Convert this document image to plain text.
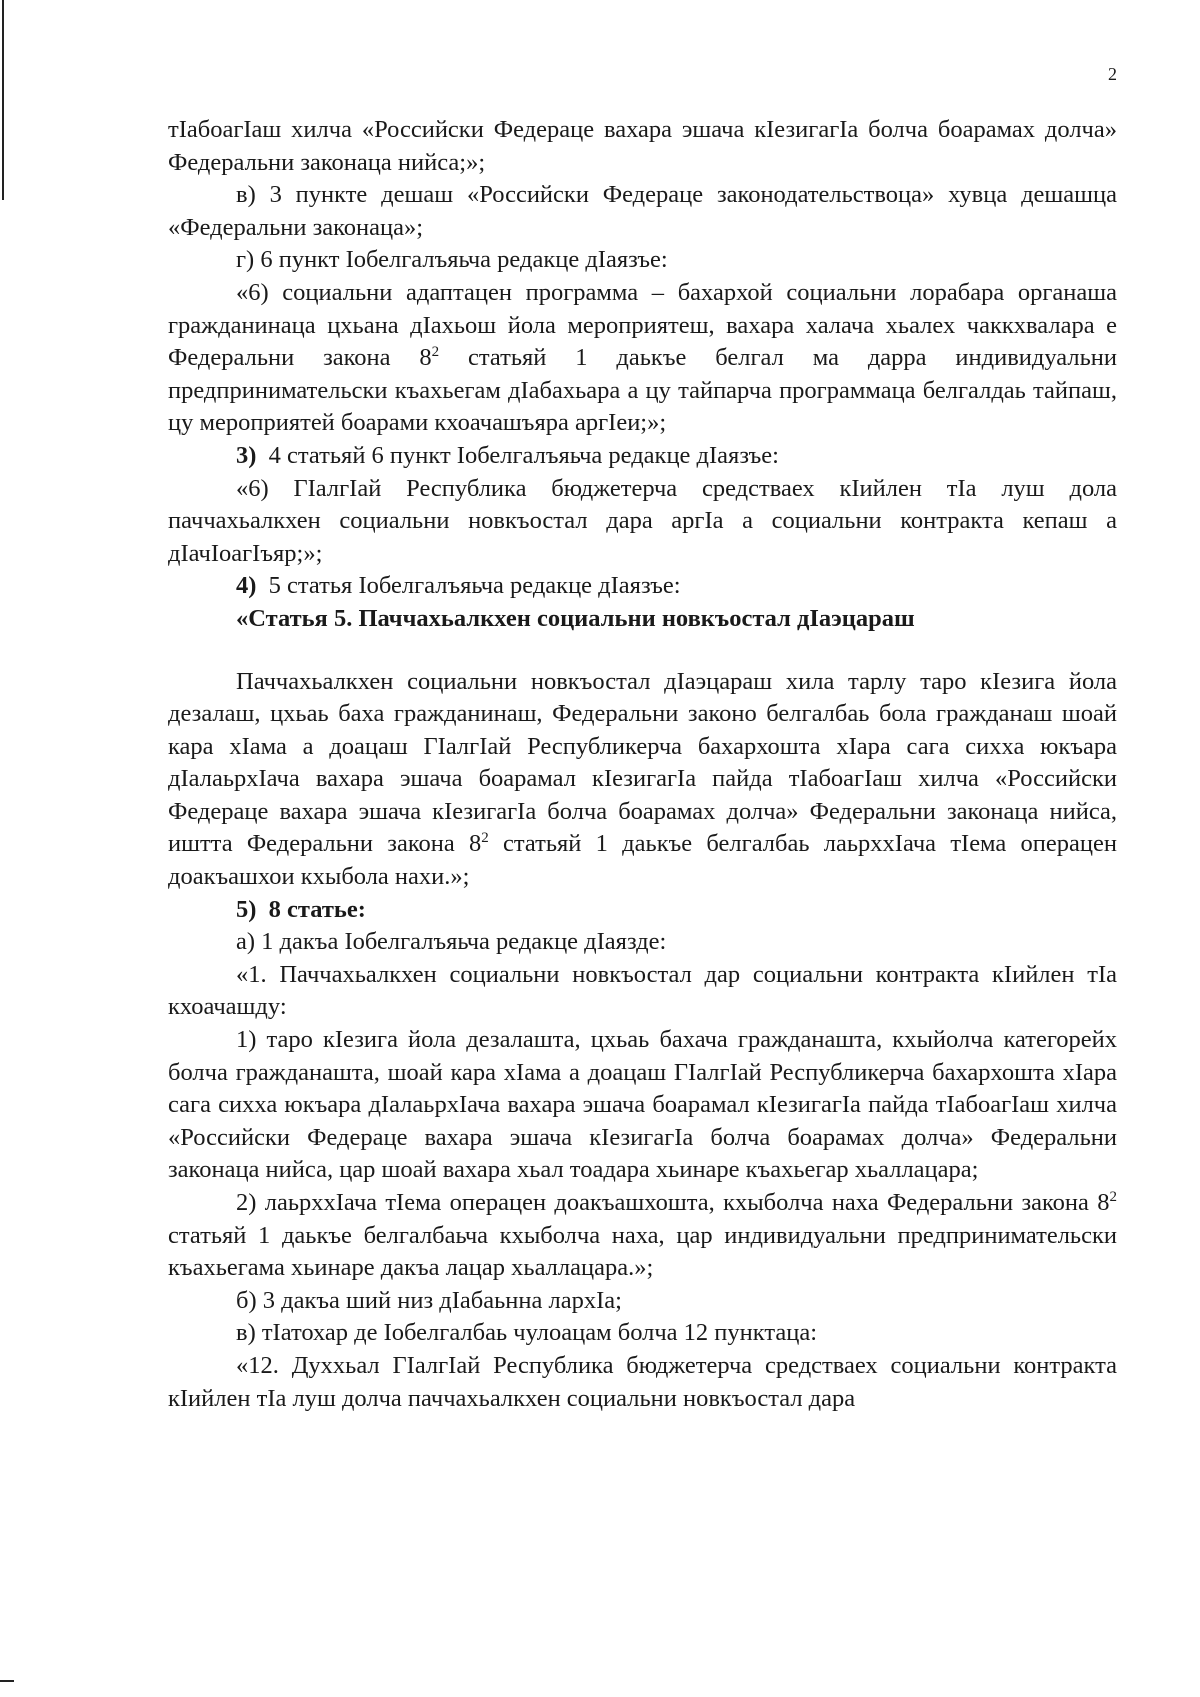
2

тIабоагIаш хилча «Российски Федераце вахара эшача кIезигагIа болча боарамах долча» Федеральни законаца нийса;»;

в) 3 пункте дешаш «Российски Федераце законодательствоца» хувца дешашца «Федеральни законаца»;

г) 6 пункт Iобелгалъяьча редакце дIаязъе:

«6) социальни адаптацен программа – бахархой социальни лорабара органаша гражданинаца цхьана дIахьош йола мероприятеш, вахара халача хьалех чаккхвалара е Федеральни закона $8^2$ статьяй 1 даькъе белгал ма дарра индивидуальни предпринимательски къахьегам дIабахьара а цу тайпарча программаца белгалдаь тайпаш, цу мероприятей боарами кхоачашъяра аргIеи;»;

3) 4 статьяй 6 пункт Iобелгалъяьча редакце дIаязъе:

«6) ГIалгIай Республика бюджетерча средстваех кIийлен тIа луш дола паччахьалкхен социальни новкъостал дара аргIа а социальни контракта кепаш а дIачIоагIъяр;»;

4) 5 статья Iобелгалъяьча редакце дIаязъе:

«Статья 5. Паччахьалкхен социальни новкъостал дIаэцараш

Паччахьалкхен социальни новкъостал дIаэцараш хила тарлу таро кIезига йола дезалаш, цхьаь баха гражданинаш, Федеральни законо белгалбаь бола гражданаш шоай кара хIама а доацаш ГIалгIай Республикерча бахархошта хIара сага сихха юкъара дIалаьрхIача вахара эшача боарамал кIезигагIа пайда тIабоагIаш хилча «Российски Федераце вахара эшача кIезигагIа болча боарамах долча» Федеральни законаца нийса, иштта Федеральни закона $8^2$ статьяй 1 даькъе белгалбаь лаьрххIача тIема операцен доакъашхои кхыбола нахи.»;

5) 8 статье:

а) 1 дакъа Iобелгалъяьча редакце дIаязде:

«1. Паччахьалкхен социальни новкъостал дар социальни контракта кIийлен тIа кхоачашду:

1) таро кIезига йола дезалашта, цхьаь бахача гражданашта, кхыйолча категорейх болча гражданашта, шоай кара хIама а доацаш ГIалгIай Республикерча бахархошта хIара сага сихха юкъара дIалаьрхIача вахара эшача боарамал кIезигагIа пайда тIабоагIаш хилча «Российски Федераце вахара эшача кIезигагIа болча боарамах долча» Федеральни законаца нийса, цар шоай вахара хьал тоадара хьинаре къахьегар хьаллацара;

2) лаьрххIача тIема операцен доакъашхошта, кхыболча наха Федеральни закона $8^2$ статьяй 1 даькъе белгалбаьча кхыболча наха, цар индивидуальни предпринимательски къахьегама хьинаре дакъа лацар хьаллацара.»;

б) 3 дакъа ший низ дIабаьнна лархIа;

в) тIатохар де Iобелгалбаь чулоацам болча 12 пунктаца:

«12. Духхьал ГIалгIай Республика бюджетерча средстваех социальни контракта кIийлен тIа луш долча паччахьалкхен социальни новкъостал дара
